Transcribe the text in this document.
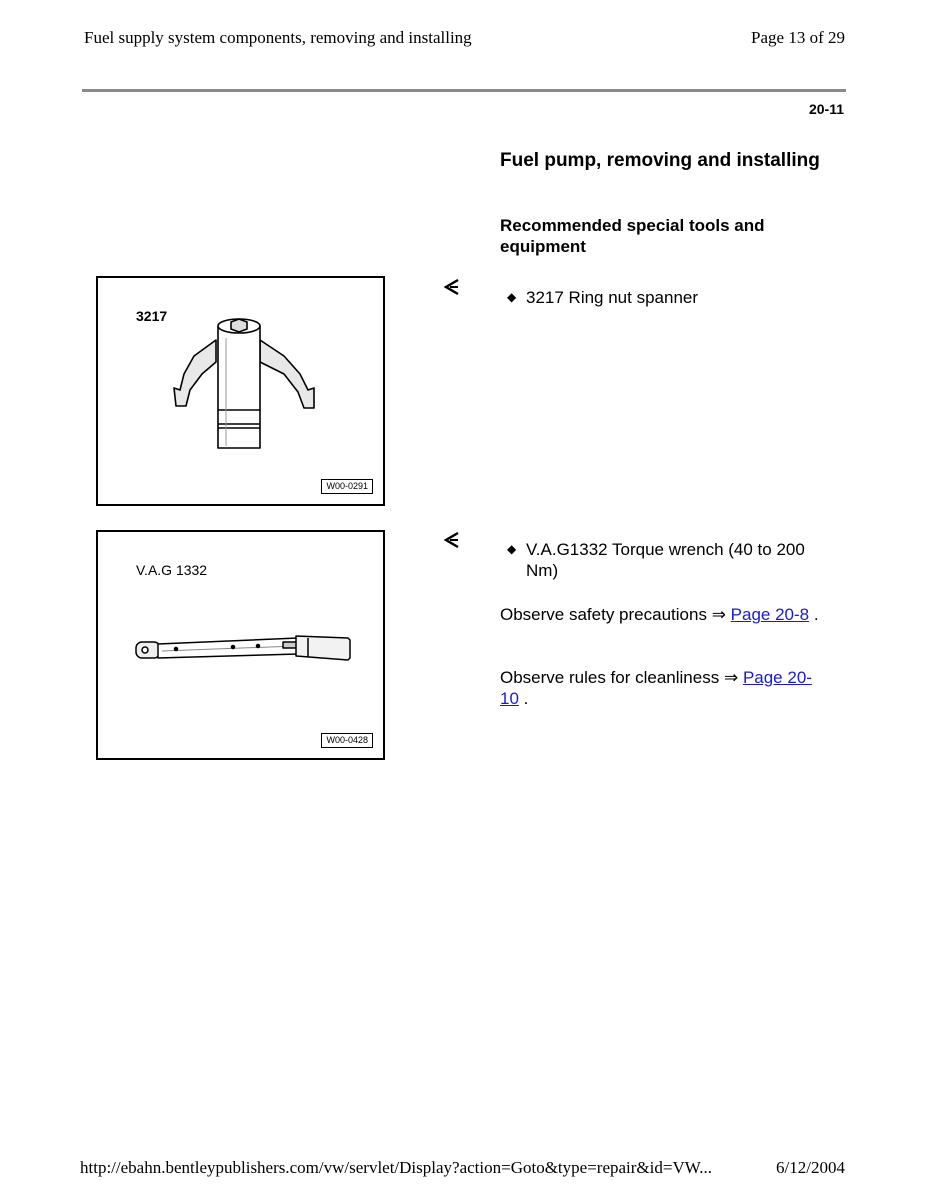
Fuel supply system components, removing and installing	Page 13 of 29
20-11
Fuel pump, removing and installing
Recommended special tools and equipment
3217
W00-0291
V.A.G 1332
W00-0428
◆ 3217 Ring nut spanner
◆ V.A.G1332 Torque wrench (40 to 200 Nm)
Observe safety precautions ⇒ Page 20-8 .
Observe rules for cleanliness ⇒ Page 20-10 .
http://ebahn.bentleypublishers.com/vw/servlet/Display?action=Goto&type=repair&id=VW...	6/12/2004
